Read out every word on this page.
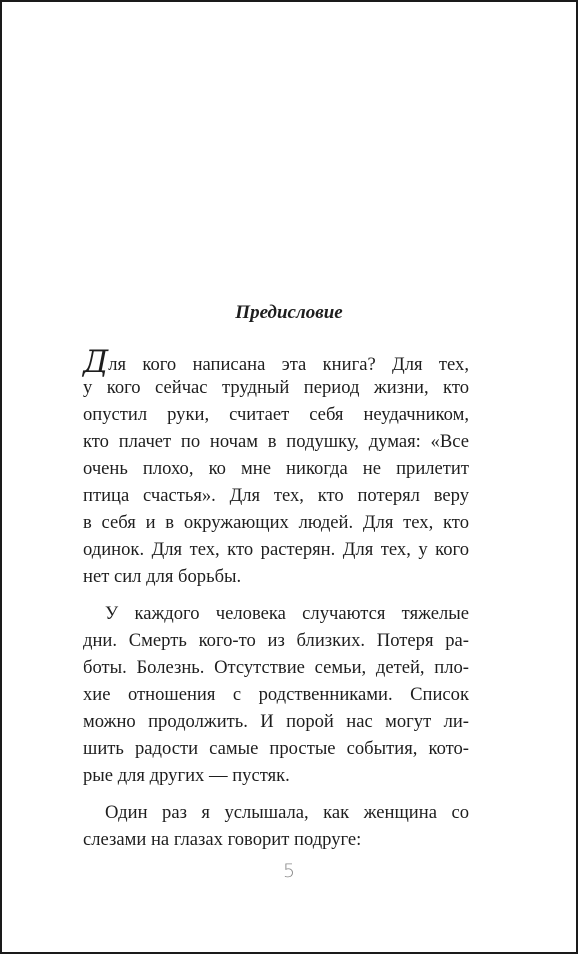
Предисловие
Для кого написана эта книга? Для тех,
у кого сейчас трудный период жизни, кто
опустил руки, считает себя неудачником,
кто плачет по ночам в подушку, думая: «Все
очень плохо, ко мне никогда не прилетит
птица счастья». Для тех, кто потерял веру
в себя и в окружающих людей. Для тех, кто
одинок. Для тех, кто растерян. Для тех, у кого
нет сил для борьбы.
У каждого человека случаются тяжелые
дни. Смерть кого-то из близких. Потеря ра-
боты. Болезнь. Отсутствие семьи, детей, пло-
хие отношения с родственниками. Список
можно продолжить. И порой нас могут ли-
шить радости самые простые события, кото-
рые для других — пустяк.
Один раз я услышала, как женщина со
слезами на глазах говорит подруге:
5
